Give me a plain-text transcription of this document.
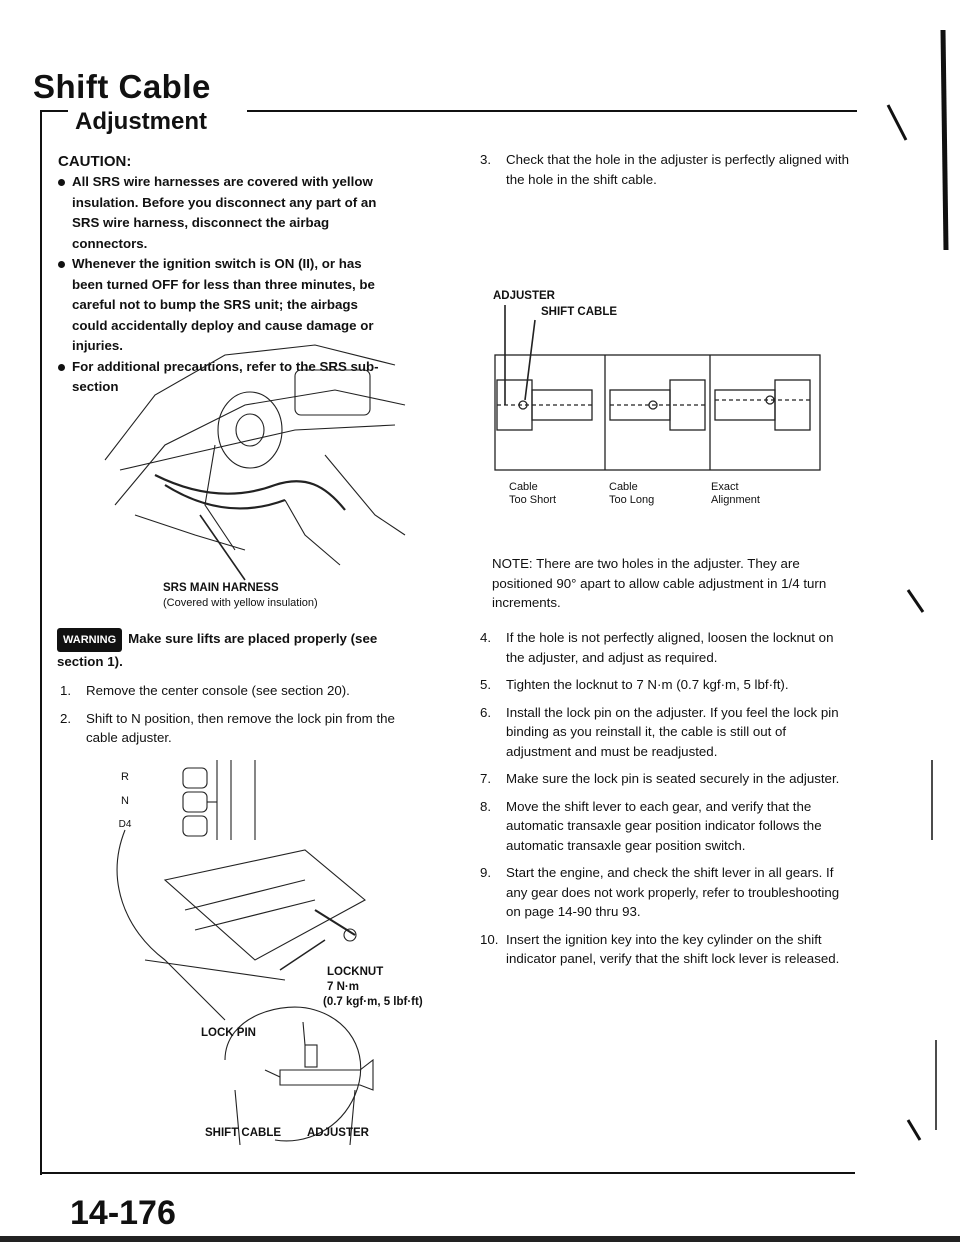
Shift Cable
Adjustment
CAUTION:
All SRS wire harnesses are covered with yellow insulation. Before you disconnect any part of an SRS wire harness, disconnect the airbag connectors.
Whenever the ignition switch is ON (II), or has been turned OFF for less than three minutes, be careful not to bump the SRS unit; the airbags could accidentally deploy and cause damage or injuries.
For additional precautions, refer to the SRS sub-section
SRS MAIN HARNESS
(Covered with yellow insulation)
WARNING Make sure lifts are placed properly (see section 1).
1. Remove the center console (see section 20).
2. Shift to N position, then remove the lock pin from the cable adjuster.
R
N
D4
LOCKNUT
7 N·m
(0.7 kgf·m, 5 lbf·ft)
LOCK PIN
SHIFT CABLE ADJUSTER
3. Check that the hole in the adjuster is perfectly aligned with the hole in the shift cable.
ADJUSTER
SHIFT CABLE
Cable
Too Short
Cable
Too Long
Exact
Alignment
NOTE: There are two holes in the adjuster. They are positioned 90° apart to allow cable adjustment in 1/4 turn increments.
4. If the hole is not perfectly aligned, loosen the locknut on the adjuster, and adjust as required.
5. Tighten the locknut to 7 N·m (0.7 kgf·m, 5 lbf·ft).
6. Install the lock pin on the adjuster. If you feel the lock pin binding as you reinstall it, the cable is still out of adjustment and must be readjusted.
7. Make sure the lock pin is seated securely in the adjuster.
8. Move the shift lever to each gear, and verify that the automatic transaxle gear position indicator follows the automatic transaxle gear position switch.
9. Start the engine, and check the shift lever in all gears. If any gear does not work properly, refer to troubleshooting on page 14-90 thru 93.
10. Insert the ignition key into the key cylinder on the shift indicator panel, verify that the shift lock lever is released.
14-176
